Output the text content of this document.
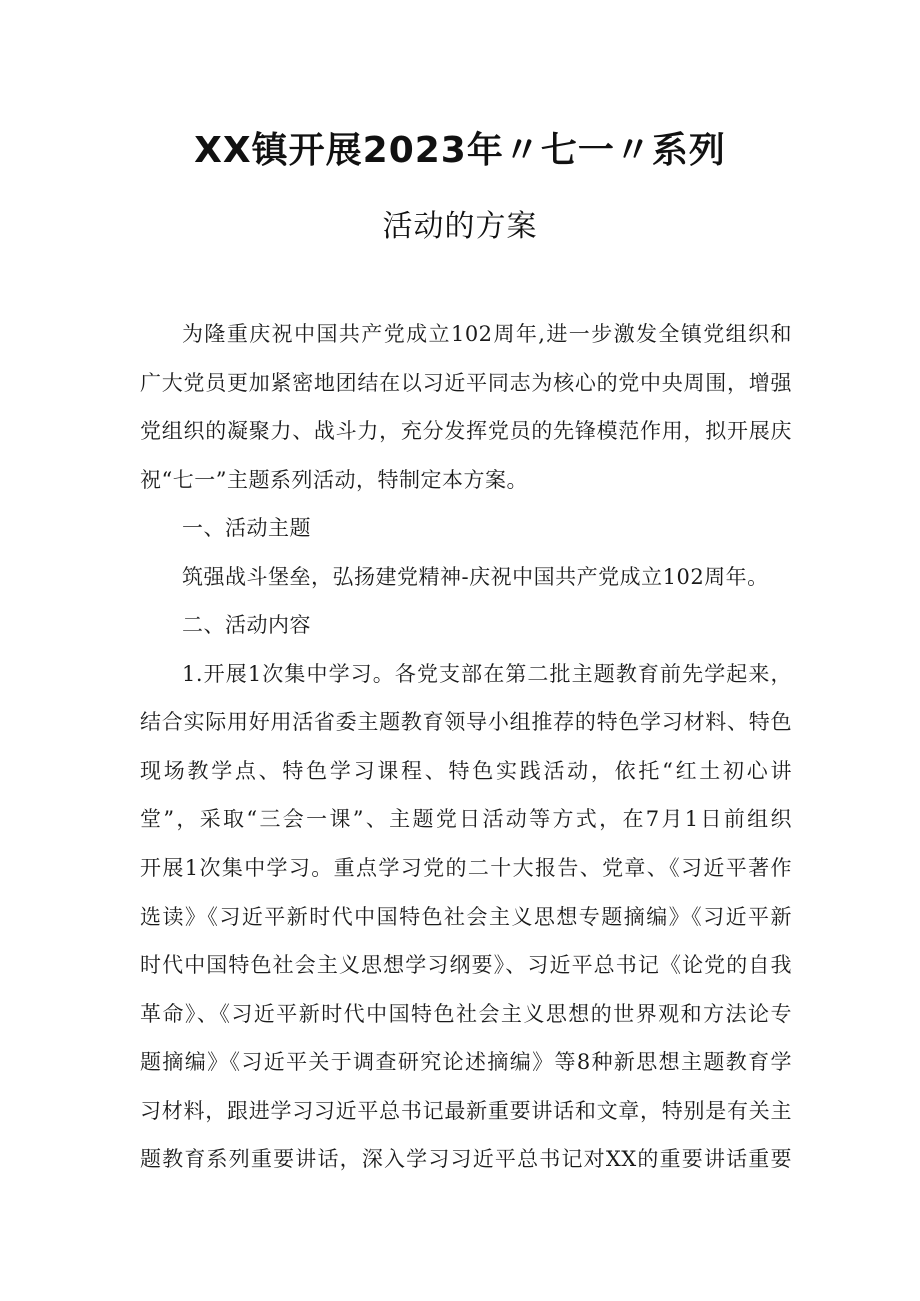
XX镇开展2023年〃七一〃系列
活动的方案
为隆重庆祝中国共产党成立102周年,进一步激发全镇党组织和
广大党员更加紧密地团结在以习近平同志为核心的党中央周围，增强
党组织的凝聚力、战斗力，充分发挥党员的先锋模范作用，拟开展庆
祝“七一”主题系列活动，特制定本方案。
一、活动主题
筑强战斗堡垒，弘扬建党精神-庆祝中国共产党成立102周年。
二、活动内容
1.开展1次集中学习。各党支部在第二批主题教育前先学起来，
结合实际用好用活省委主题教育领导小组推荐的特色学习材料、特色
现场教学点、特色学习课程、特色实践活动，依托“红土初心讲
堂”，采取“三会一课”、主题党日活动等方式，在7月1日前组织
开展1次集中学习。重点学习党的二十大报告、党章、《习近平著作
选读》《习近平新时代中国特色社会主义思想专题摘编》《习近平新
时代中国特色社会主义思想学习纲要》、习近平总书记《论党的自我
革命》、《习近平新时代中国特色社会主义思想的世界观和方法论专
题摘编》《习近平关于调查研究论述摘编》等8种新思想主题教育学
习材料，跟进学习习近平总书记最新重要讲话和文章，特别是有关主
题教育系列重要讲话，深入学习习近平总书记对XX的重要讲话重要
